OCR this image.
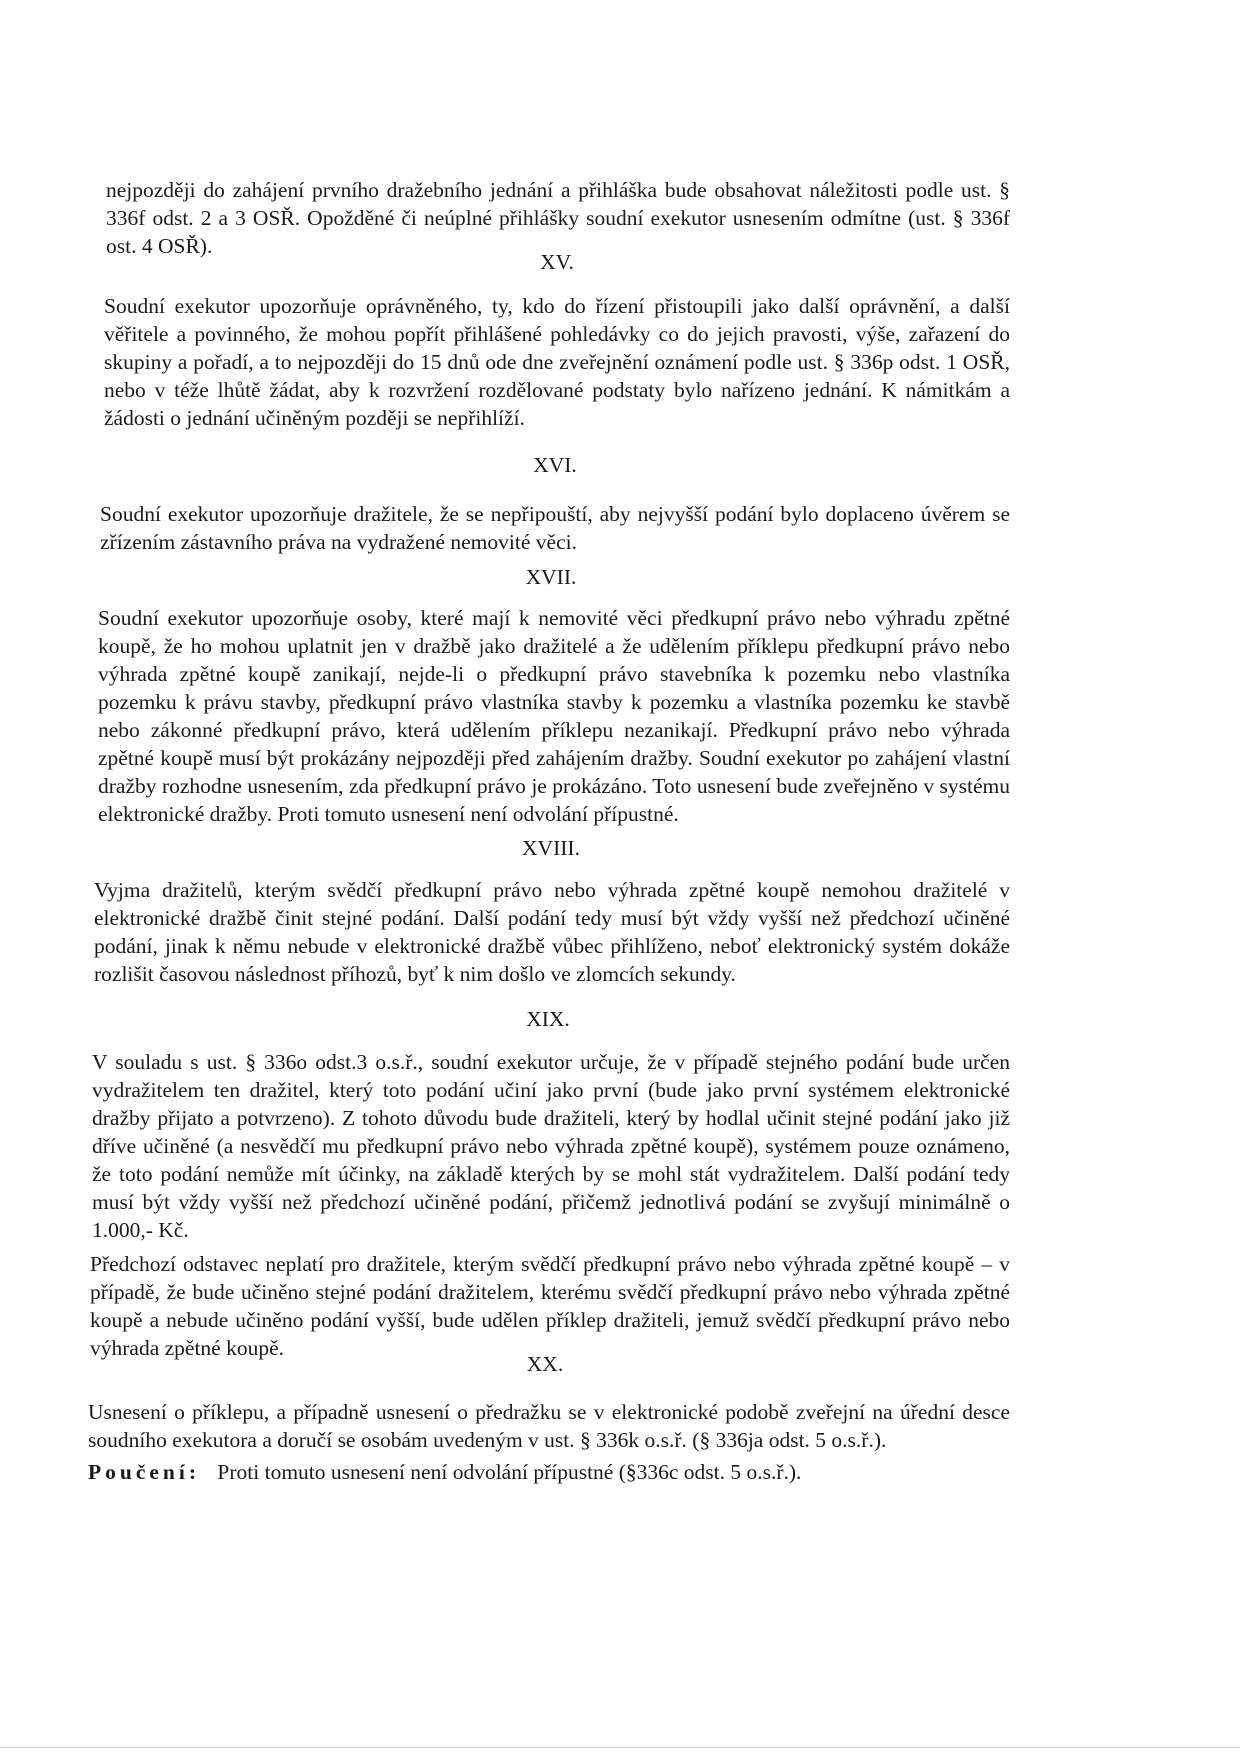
nejpozději do zahájení prvního dražebního jednání a přihláška bude obsahovat náležitosti podle ust. § 336f odst. 2 a 3 OSŘ. Opožděné či neúplné přihlášky soudní exekutor usnesením odmítne (ust. § 336f ost. 4 OSŘ).
XV.
Soudní exekutor upozorňuje oprávněného, ty, kdo do řízení přistoupili jako další oprávnění, a další věřitele a povinného, že mohou popřít přihlášené pohledávky co do jejich pravosti, výše, zařazení do skupiny a pořadí, a to nejpozději do 15 dnů ode dne zveřejnění oznámení podle ust. § 336p odst. 1 OSŘ, nebo v téže lhůtě žádat, aby k rozvržení rozdělované podstaty bylo nařízeno jednání. K námitkám a žádosti o jednání učiněným později se nepřihlíží.
XVI.
Soudní exekutor upozorňuje dražitele, že se nepřipouští, aby nejvyšší podání bylo doplaceno úvěrem se zřízením zástavního práva na vydražené nemovité věci.
XVII.
Soudní exekutor upozorňuje osoby, které mají k nemovité věci předkupní právo nebo výhradu zpětné koupě, že ho mohou uplatnit jen v dražbě jako dražitelé a že udělením příklepu předkupní právo nebo výhrada zpětné koupě zanikají, nejde-li o předkupní právo stavebníka k pozemku nebo vlastníka pozemku k právu stavby, předkupní právo vlastníka stavby k pozemku a vlastníka pozemku ke stavbě nebo zákonné předkupní právo, která udělením příklepu nezanikají. Předkupní právo nebo výhrada zpětné koupě musí být prokázány nejpozději před zahájením dražby. Soudní exekutor po zahájení vlastní dražby rozhodne usnesením, zda předkupní právo je prokázáno. Toto usnesení bude zveřejněno v systému elektronické dražby. Proti tomuto usnesení není odvolání přípustné.
XVIII.
Vyjma dražitelů, kterým svědčí předkupní právo nebo výhrada zpětné koupě nemohou dražitelé v elektronické dražbě činit stejné podání. Další podání tedy musí být vždy vyšší než předchozí učiněné podání, jinak k němu nebude v elektronické dražbě vůbec přihlíženo, neboť elektronický systém dokáže rozlišit časovou následnost příhozů, byť k nim došlo ve zlomcích sekundy.
XIX.
V souladu s ust. § 336o odst.3 o.s.ř., soudní exekutor určuje, že v případě stejného podání bude určen vydražitelem ten dražitel, který toto podání učiní jako první (bude jako první systémem elektronické dražby přijato a potvrzeno). Z tohoto důvodu bude dražiteli, který by hodlal učinit stejné podání jako již dříve učiněné (a nesvědčí mu předkupní právo nebo výhrada zpětné koupě), systémem pouze oznámeno, že toto podání nemůže mít účinky, na základě kterých by se mohl stát vydražitelem. Další podání tedy musí být vždy vyšší než předchozí učiněné podání, přičemž jednotlivá podání se zvyšují minimálně o 1.000,- Kč.
Předchozí odstavec neplatí pro dražitele, kterým svědčí předkupní právo nebo výhrada zpětné koupě – v případě, že bude učiněno stejné podání dražitelem, kterému svědčí předkupní právo nebo výhrada zpětné koupě a nebude učiněno podání vyšší, bude udělen příklep dražiteli, jemuž svědčí předkupní právo nebo výhrada zpětné koupě.
XX.
Usnesení o příklepu, a případně usnesení o předražku se v elektronické podobě zveřejní na úřední desce soudního exekutora a doručí se osobám uvedeným v ust. § 336k o.s.ř. (§ 336ja odst. 5 o.s.ř.).
Poučení: Proti tomuto usnesení není odvolání přípustné (§336c odst. 5 o.s.ř.).
